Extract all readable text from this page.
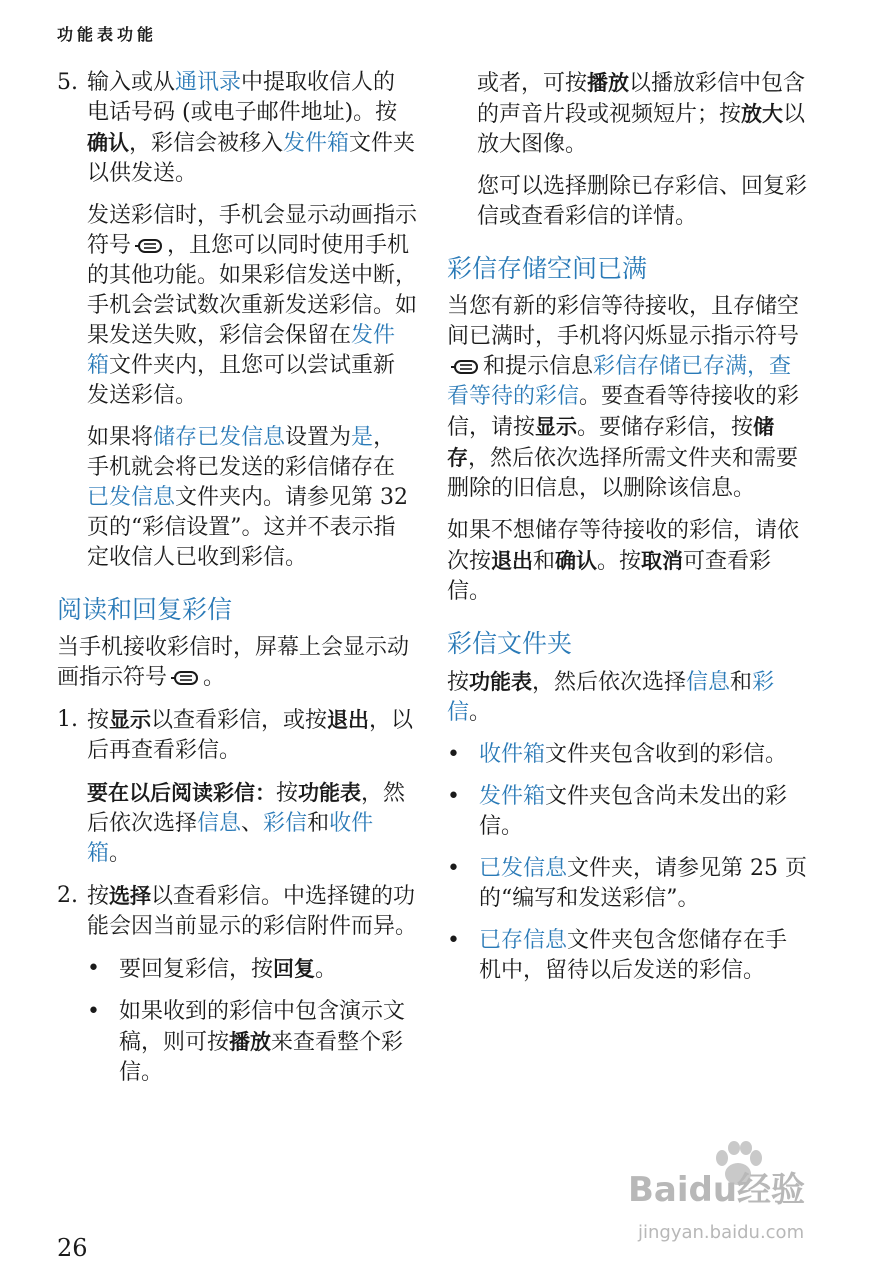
功能表功能
5. 输入或从通讯录中提取收信人的电话号码 (或电子邮件地址)。按确认，彩信会被移入发件箱文件夹以供发送。

发送彩信时，手机会显示动画指示符号 ，且您可以同时使用手机的其他功能。如果彩信发送中断，手机会尝试数次重新发送彩信。如果发送失败，彩信会保留在发件箱文件夹内，且您可以尝试重新发送彩信。

如果将储存已发信息设置为是，手机就会将已发送的彩信储存在已发信息文件夹内。请参见第 32 页的“彩信设置”。这并不表示指定收信人已收到彩信。

阅读和回复彩信

当手机接收彩信时，屏幕上会显示动画指示符号 。

1. 按显示以查看彩信，或按退出，以后再查看彩信。

要在以后阅读彩信：按功能表，然后依次选择信息、彩信和收件箱。

2. 按选择以查看彩信。中选择键的功能会因当前显示的彩信附件而异。
• 要回复彩信，按回复。
• 如果收到的彩信中包含演示文稿，则可按播放来查看整个彩信。

或者，可按播放以播放彩信中包含的声音片段或视频短片；按放大以放大图像。

您可以选择删除已存彩信、回复彩信或查看彩信的详情。

彩信存储空间已满

当您有新的彩信等待接收，且存储空间已满时，手机将闪烁显示指示符号和提示信息彩信存储已存满，查看等待的彩信。要查看等待接收的彩信，请按显示。要储存彩信，按储存，然后依次选择所需文件夹和需要删除的旧信息，以删除该信息。

如果不想储存等待接收的彩信，请依次按退出和确认。按取消可查看彩信。

彩信文件夹

按功能表，然后依次选择信息和彩信。

• 收件箱文件夹包含收到的彩信。
• 发件箱文件夹包含尚未发出的彩信。
• 已发信息文件夹，请参见第 25 页的“编写和发送彩信”。
• 已存信息文件夹包含您储存在手机中，留待以后发送的彩信。
26
Baidu经验
jingyan.baidu.com
